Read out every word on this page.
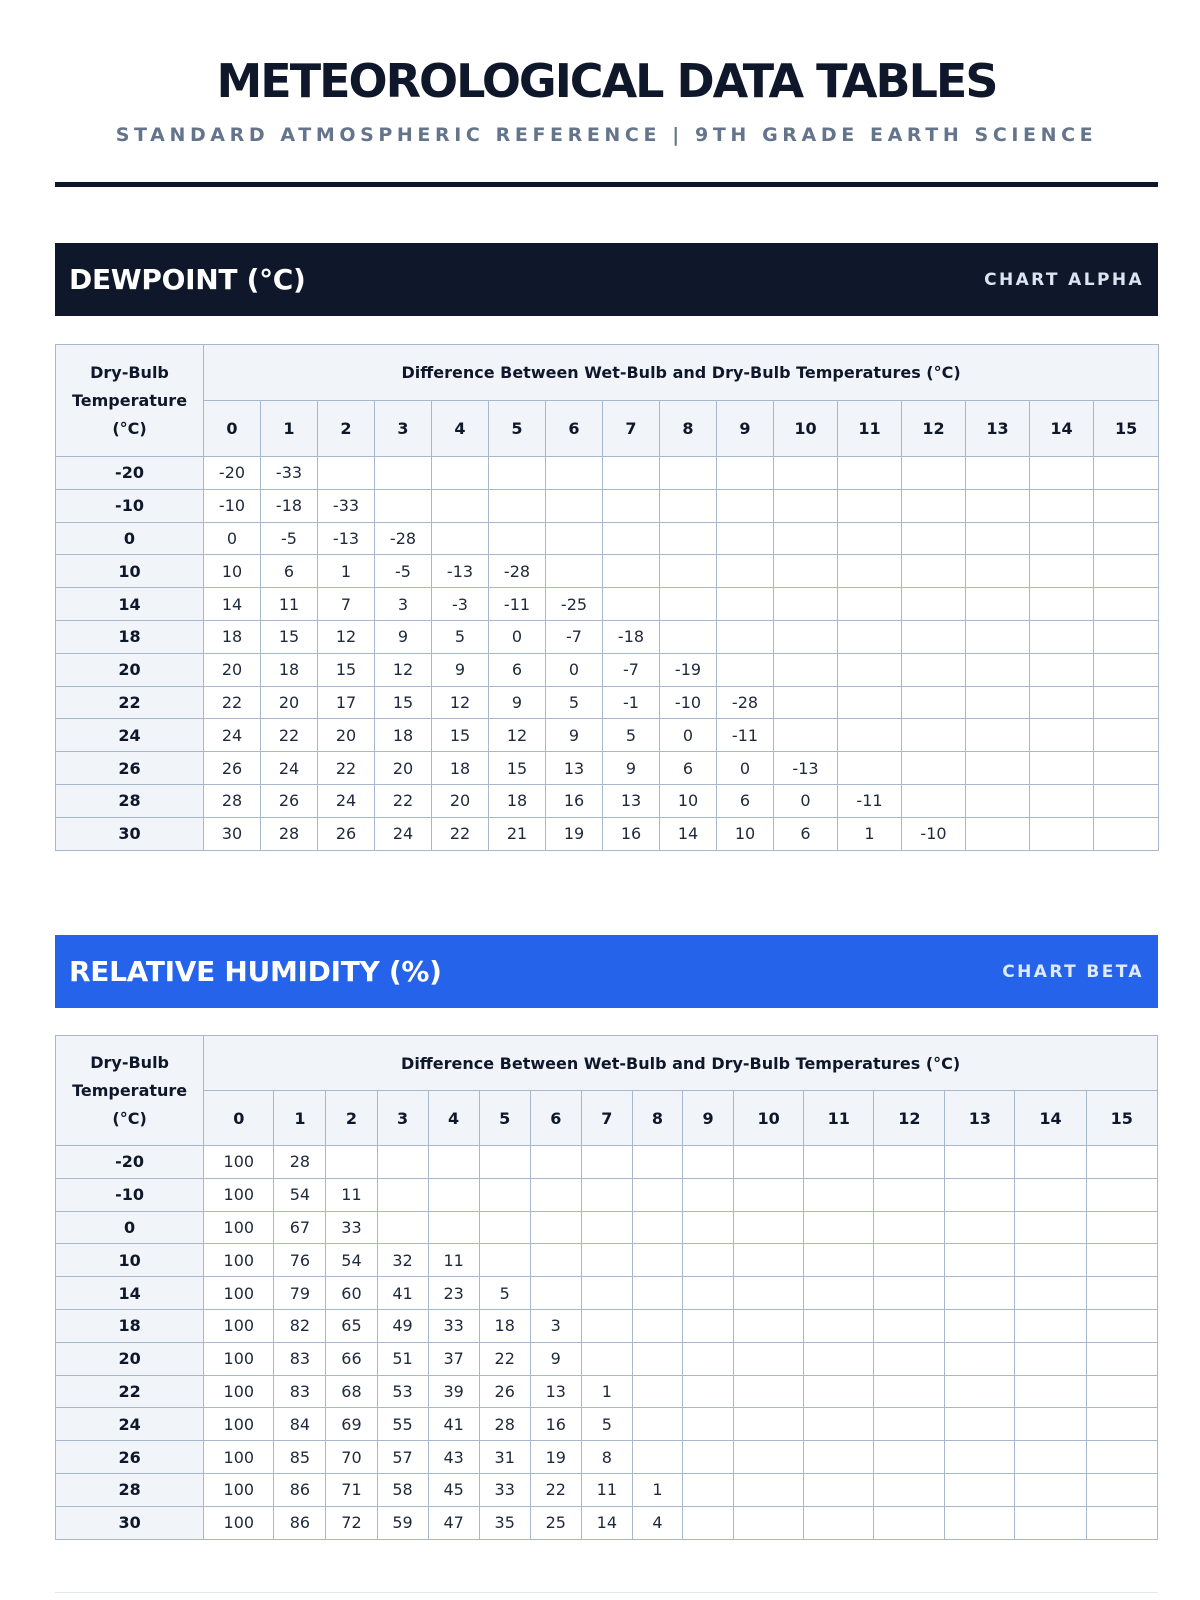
METEOROLOGICAL DATA TABLES
STANDARD ATMOSPHERIC REFERENCE | 9TH GRADE EARTH SCIENCE
DEWPOINT (°C)	CHART ALPHA
Dry-Bulb
Temperature
(°C)	Difference Between Wet-Bulb and Dry-Bulb Temperatures (°C)															
	0	1	2	3	4	5	6	7	8	9	10	11	12	13	14	15
-20	-20	-33														
-10	-10	-18	-33													
0	0	-5	-13	-28												
10	10	6	1	-5	-13	-28										
14	14	11	7	3	-3	-11	-25									
18	18	15	12	9	5	0	-7	-18								
20	20	18	15	12	9	6	0	-7	-19							
22	22	20	17	15	12	9	5	-1	-10	-28						
24	24	22	20	18	15	12	9	5	0	-11						
26	26	24	22	20	18	15	13	9	6	0	-13					
28	28	26	24	22	20	18	16	13	10	6	0	-11				
30	30	28	26	24	22	21	19	16	14	10	6	1	-10			
RELATIVE HUMIDITY (%)	CHART BETA
Dry-Bulb
Temperature
(°C)	Difference Between Wet-Bulb and Dry-Bulb Temperatures (°C)															
	0	1	2	3	4	5	6	7	8	9	10	11	12	13	14	15
-20	100	28														
-10	100	54	11													
0	100	67	33													
10	100	76	54	32	11											
14	100	79	60	41	23	5										
18	100	82	65	49	33	18	3									
20	100	83	66	51	37	22	9									
22	100	83	68	53	39	26	13	1								
24	100	84	69	55	41	28	16	5								
26	100	85	70	57	43	31	19	8								
28	100	86	71	58	45	33	22	11	1							
30	100	86	72	59	47	35	25	14	4							
